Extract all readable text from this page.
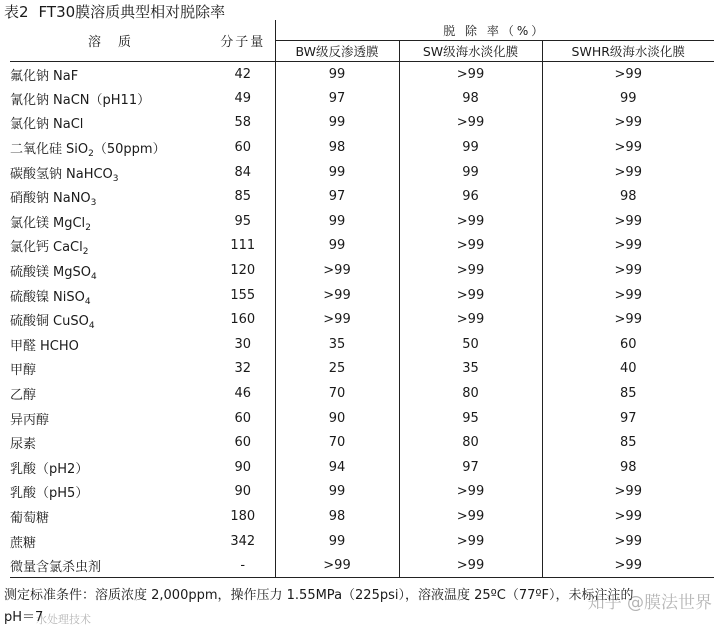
表2 FT30膜溶质典型相对脱除率
溶　质	分子量	脱 除 率（%）		
		BW级反渗透膜	SW级海水淡化膜	SWHR级海水淡化膜
氟化钠 NaF	42	99	>99	>99
氰化钠 NaCN（pH11）	49	97	98	99
氯化钠 NaCl	58	99	>99	>99
二氧化硅 SiO$_2$（50ppm）	60	98	99	>99
碳酸氢钠 NaHCO$_3$	84	99	99	>99
硝酸钠 NaNO$_3$	85	97	96	98
氯化镁 MgCl$_2$	95	99	>99	>99
氯化钙 CaCl$_2$	111	99	>99	>99
硫酸镁 MgSO$_4$	120	>99	>99	>99
硫酸镍 NiSO$_4$	155	>99	>99	>99
硫酸铜 CuSO$_4$	160	>99	>99	>99
甲醛 HCHO	30	35	50	60
甲醇	32	25	35	40
乙醇	46	70	80	85
异丙醇	60	90	95	97
尿素	60	70	80	85
乳酸（pH2）	90	94	97	98
乳酸（pH5）	90	99	>99	>99
葡萄糖	180	98	>99	>99
蔗糖	342	99	>99	>99
微量含氯杀虫剂	-	>99	>99	>99

测定标准条件：溶质浓度 2,000ppm，操作压力 1.55MPa（225psi），溶液温度 25ºC（77ºF），未标注注的

pH＝7

知乎 @膜法世界
水处理技术
